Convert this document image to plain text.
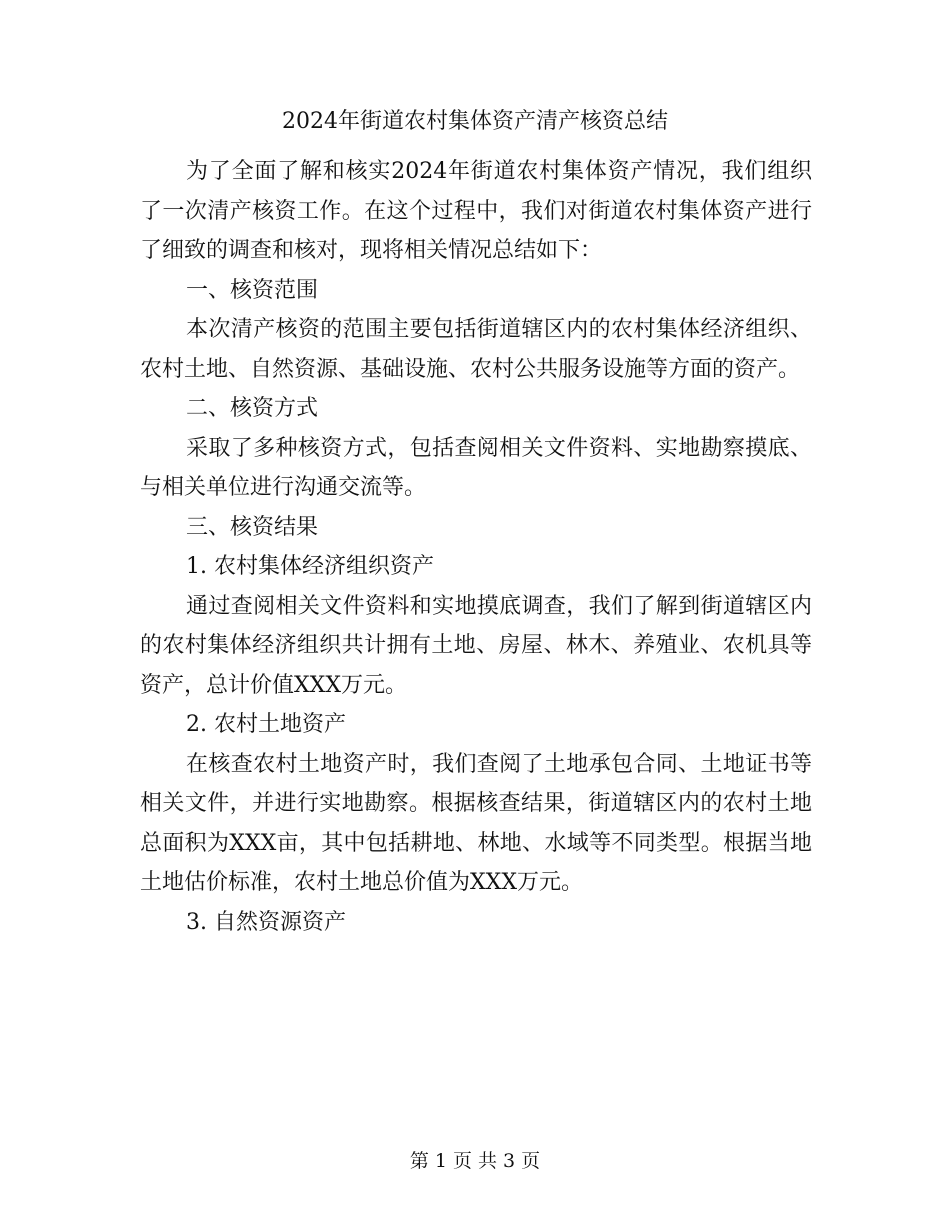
2024年街道农村集体资产清产核资总结

为了全面了解和核实2024年街道农村集体资产情况，我们组织了一次清产核资工作。在这个过程中，我们对街道农村集体资产进行了细致的调查和核对，现将相关情况总结如下：

一、核资范围

本次清产核资的范围主要包括街道辖区内的农村集体经济组织、农村土地、自然资源、基础设施、农村公共服务设施等方面的资产。

二、核资方式

采取了多种核资方式，包括查阅相关文件资料、实地勘察摸底、与相关单位进行沟通交流等。

三、核资结果

1. 农村集体经济组织资产

通过查阅相关文件资料和实地摸底调查，我们了解到街道辖区内的农村集体经济组织共计拥有土地、房屋、林木、养殖业、农机具等资产，总计价值XXX万元。

2. 农村土地资产

在核查农村土地资产时，我们查阅了土地承包合同、土地证书等相关文件，并进行实地勘察。根据核查结果，街道辖区内的农村土地总面积为XXX亩，其中包括耕地、林地、水域等不同类型。根据当地土地估价标准，农村土地总价值为XXX万元。

3. 自然资源资产

第 1 页 共 3 页
